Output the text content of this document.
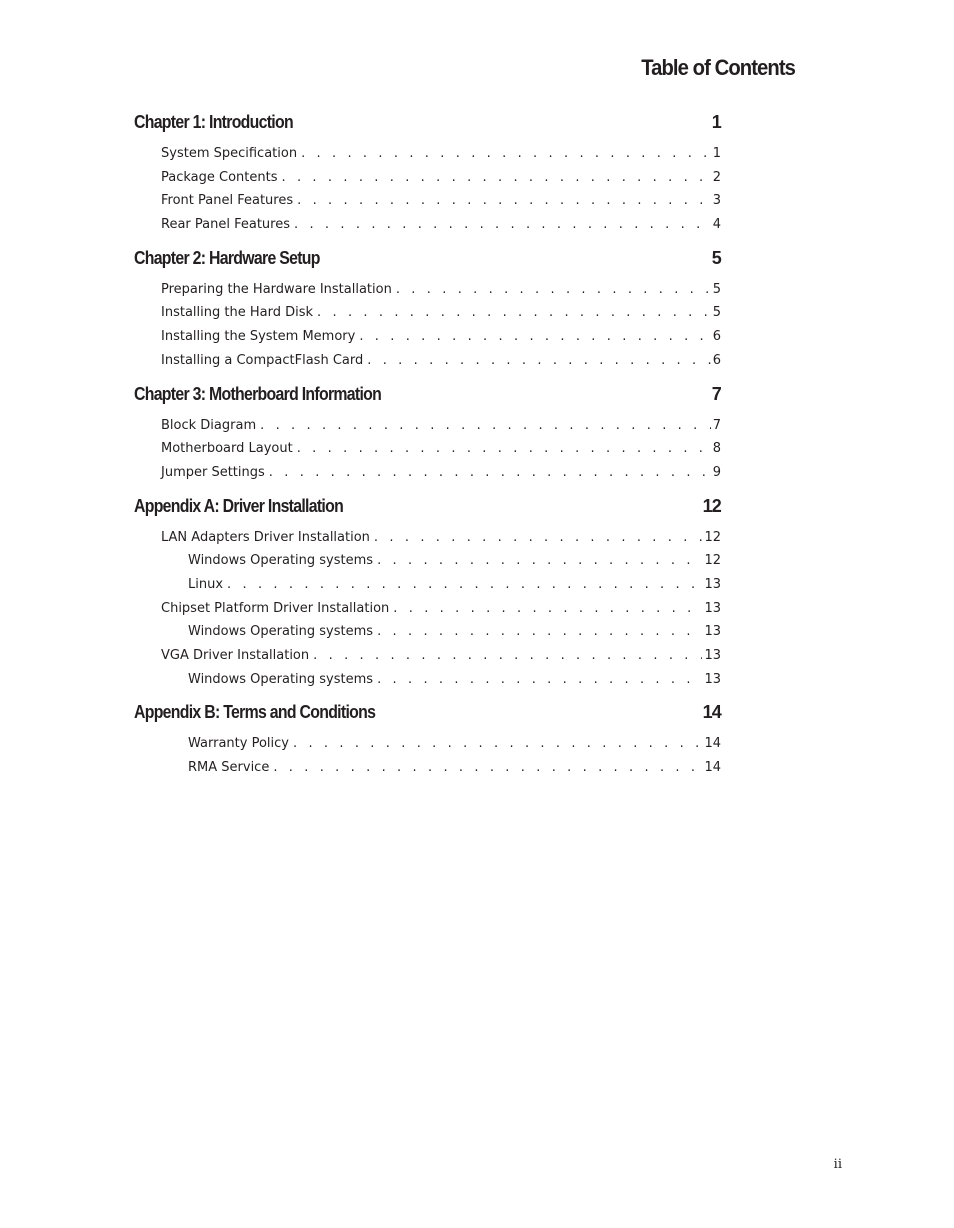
Table of Contents
Chapter 1: Introduction	1
System Specification . . .	1
Package Contents . . .	2
Front Panel Features . . .	3
Rear Panel Features . . .	4
Chapter 2: Hardware Setup	5
Preparing the Hardware Installation . . .	5
Installing the Hard Disk . . .	5
Installing the System Memory . . .	6
Installing a CompactFlash Card . . .	6
Chapter 3: Motherboard Information	7
Block Diagram . . .	7
Motherboard Layout . . .	8
Jumper Settings . . .	9
Appendix A: Driver Installation	12
LAN Adapters Driver Installation . . .	12
Windows Operating systems . . .	12
Linux . . .	13
Chipset Platform Driver Installation . . .	13
Windows Operating systems . . .	13
VGA Driver Installation . . .	13
Windows Operating systems . . .	13
Appendix B: Terms and Conditions	14
Warranty Policy . . .	14
RMA Service . . .	14
ii
